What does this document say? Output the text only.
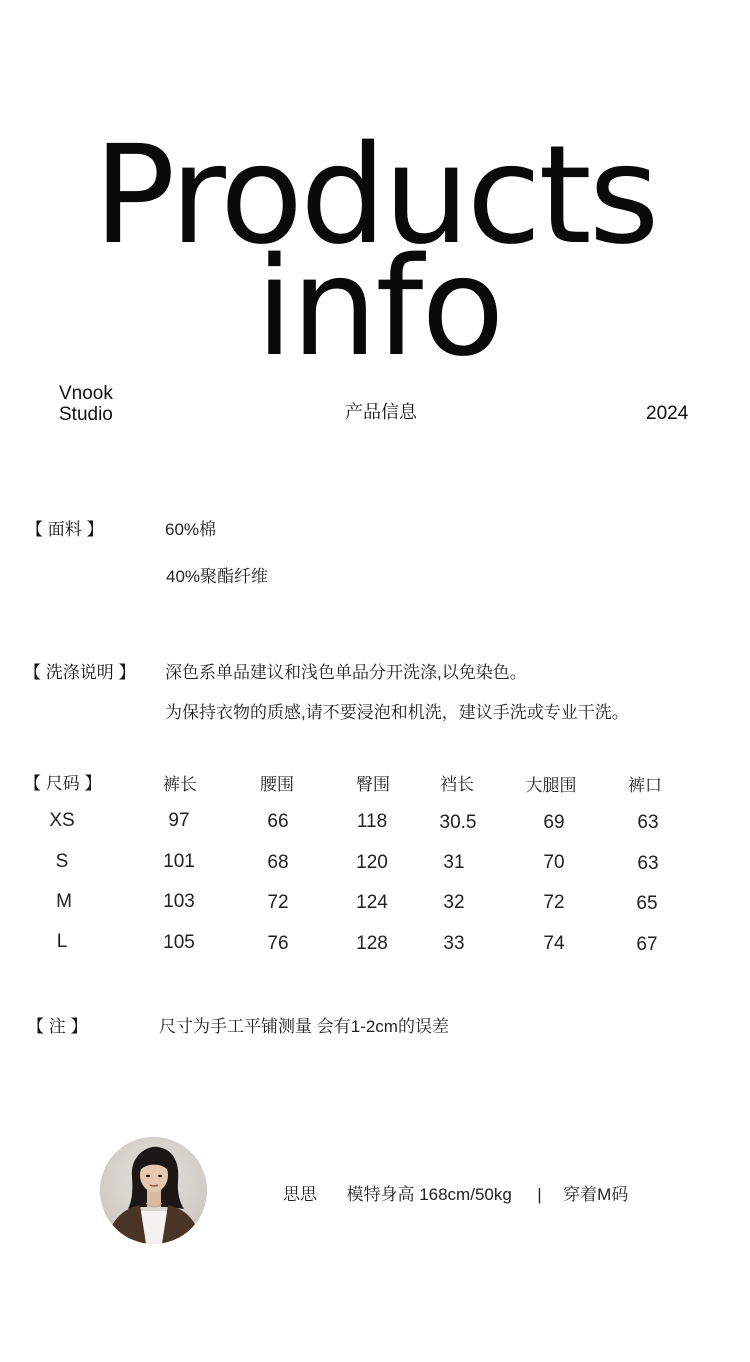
Products
info
Vnook
Studio	产品信息	2024
【 面料 】	60%棉
40%聚酯纤维
【 洗涤说明 】 深色系单品建议和浅色单品分开洗涤,以免染色。
为保持衣物的质感,请不要浸泡和机洗，建议手洗或专业干洗。
【 尺码 】	裤长	腰围	臀围	裆长	大腿围	裤口
XS	97	66	118	30.5	69	63
S	101	68	120	31	70	63
M	103	72	124	32	72	65
L	105	76	128	33	74	67
【 注 】	尺寸为手工平铺测量 会有1-2cm的误差
思思 模特身高 168cm/50kg | 穿着M码
